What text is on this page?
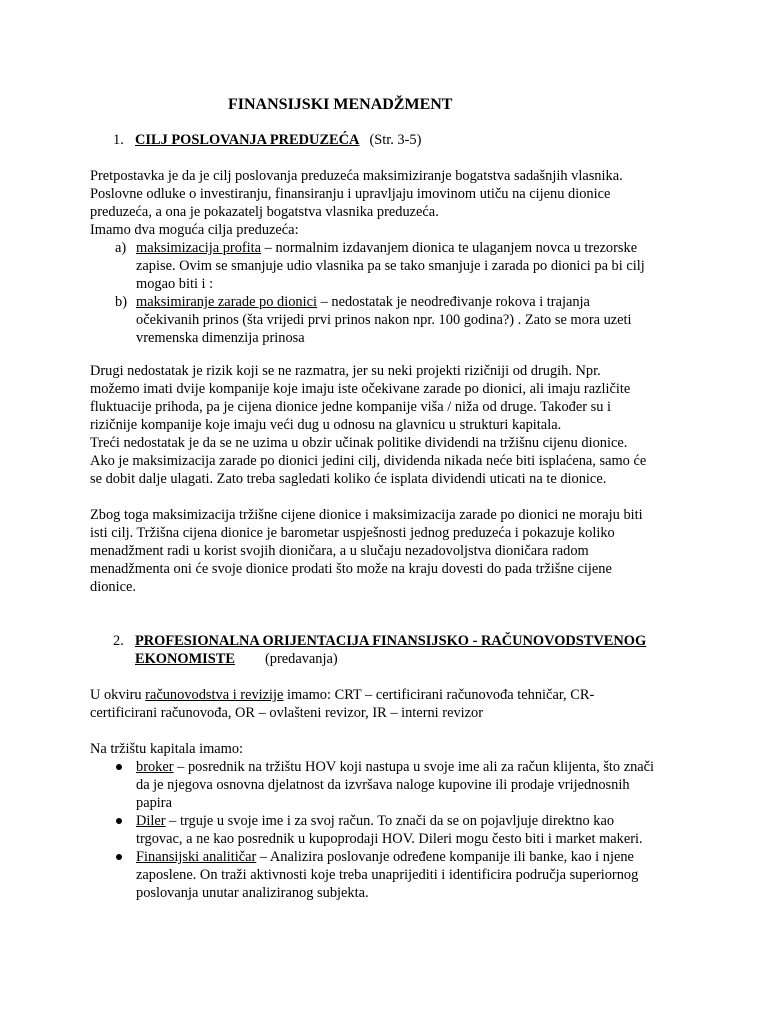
FINANSIJSKI MENADŽMENT
1. CILJ POSLOVANJA PREDUZEĆA (Str. 3-5)

Pretpostavka je da je cilj poslovanja preduzeća maksimiziranje bogatstva sadašnjih vlasnika.

Poslovne odluke o investiranju, finansiranju i upravljaju imovinom utiču na cijenu dionice

preduzeća, a ona je pokazatelj bogatstva vlasnika preduzeća.

Imamo dva moguća cilja preduzeća:

a) maksimizacija profita – normalnim izdavanjem dionica te ulaganjem novca u trezorske
zapise. Ovim se smanjuje udio vlasnika pa se tako smanjuje i zarada po dionici pa bi cilj
mogao biti i :
b) maksimiranje zarade po dionici – nedostatak je neodređivanje rokova i trajanja
očekivanih prinos (šta vrijedi prvi prinos nakon npr. 100 godina?) . Zato se mora uzeti
vremenska dimenzija prinosa

Drugi nedostatak je rizik koji se ne razmatra, jer su neki projekti rizičniji od drugih. Npr.

možemo imati dvije kompanije koje imaju iste očekivane zarade po dionici, ali imaju različite

fluktuacije prihoda, pa je cijena dionice jedne kompanije viša / niža od druge. Također su i

rizičnije kompanije koje imaju veći dug u odnosu na glavnicu u strukturi kapitala.

Treći nedostatak je da se ne uzima u obzir učinak politike dividendi na tržišnu cijenu dionice.

Ako je maksimizacija zarade po dionici jedini cilj, dividenda nikada neće biti isplaćena, samo će

se dobit dalje ulagati. Zato treba sagledati koliko će isplata dividendi uticati na te dionice.

Zbog toga maksimizacija tržišne cijene dionice i maksimizacija zarade po dionici ne moraju biti

isti cilj. Tržišna cijena dionice je barometar uspješnosti jednog preduzeća i pokazuje koliko

menadžment radi u korist svojih dioničara, a u slučaju nezadovoljstva dioničara radom

menadžmenta oni će svoje dionice prodati što može na kraju dovesti do pada tržišne cijene

dionice.

2. PROFESIONALNA ORIJENTACIJA FINANSIJSKO - RAČUNOVODSTVENOG
EKONOMISTE (predavanja)

U okviru računovodstva i revizije imamo: CRT – certificirani računovođa tehničar, CR-

certificirani računovođa, OR – ovlašteni revizor, IR – interni revizor

Na tržištu kapitala imamo:

broker – posrednik na tržištu HOV koji nastupa u svoje ime ali za račun klijenta, što znači
da je njegova osnovna djelatnost da izvršava naloge kupovine ili prodaje vrijednosnih
papira
Diler – trguje u svoje ime i za svoj račun. To znači da se on pojavljuje direktno kao
trgovac, a ne kao posrednik u kupoprodaji HOV. Dileri mogu često biti i market makeri.
Finansijski analitičar – Analizira poslovanje određene kompanije ili banke, kao i njene
zaposlene. On traži aktivnosti koje treba unaprijediti i identificira područja superiornog
poslovanja unutar analiziranog subjekta.
